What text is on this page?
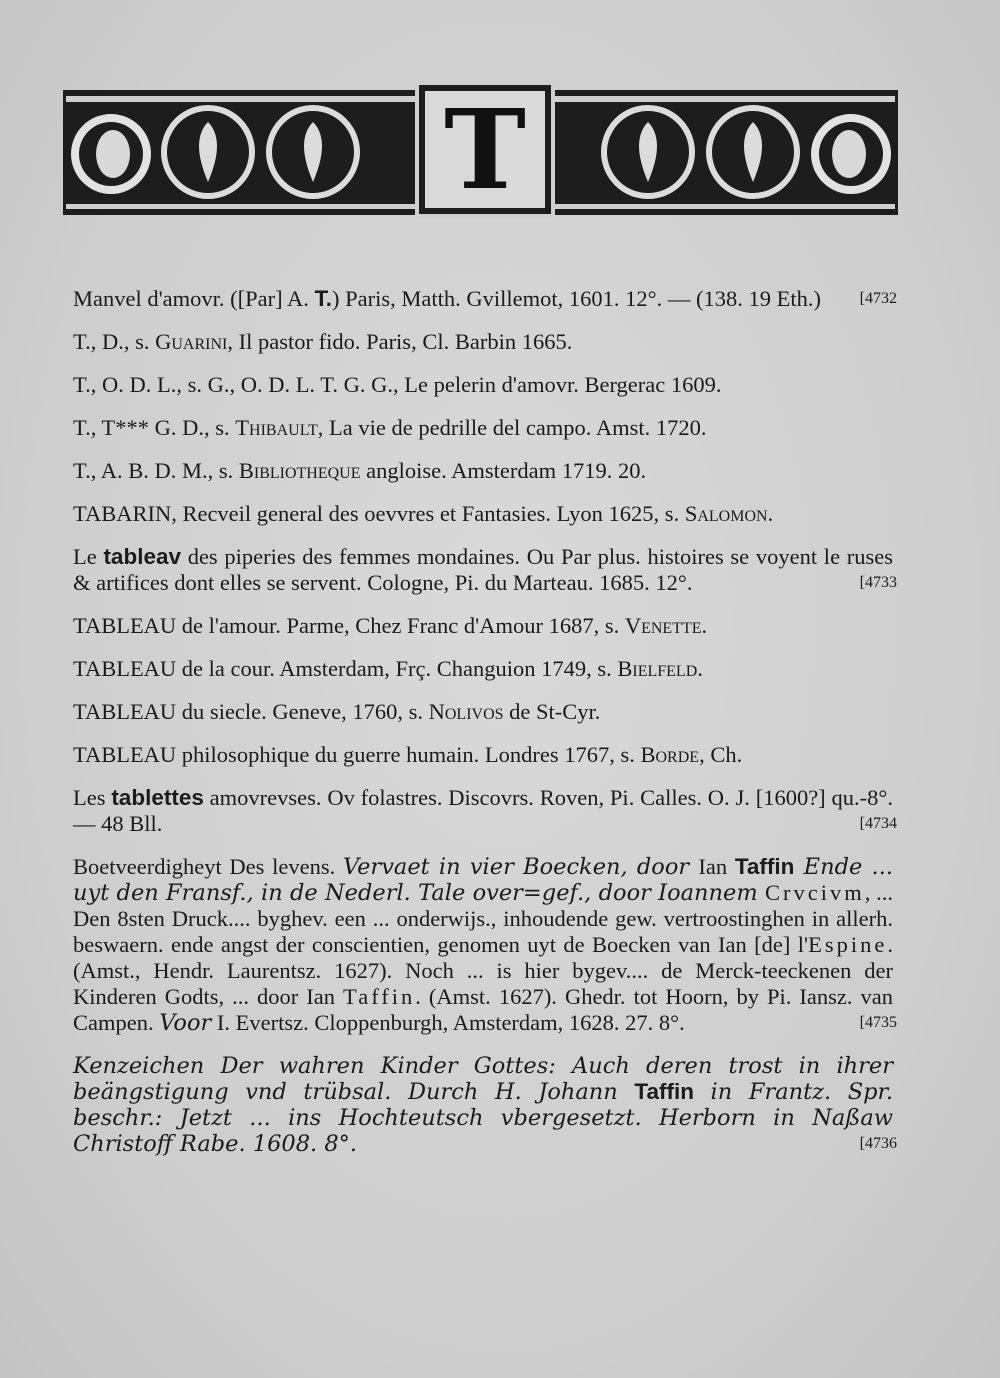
T
Manvel d'amovr. ([Par] A. T.) Paris, Matth. Gvillemot, 1601. 12°. — (138. 19 Eth.) [4732
T., D., s. Guarini, Il pastor fido. Paris, Cl. Barbin 1665.
T., O. D. L., s. G., O. D. L. T. G. G., Le pelerin d'amovr. Bergerac 1609.
T., T*** G. D., s. Thibault, La vie de pedrille del campo. Amst. 1720.
T., A. B. D. M., s. Bibliotheque angloise. Amsterdam 1719. 20.
TABARIN, Recveil general des oevvres et Fantasies. Lyon 1625, s. Salomon.
Le tableav des piperies des femmes mondaines. Ou Par plus. histoires se voyent le ruses & artifices dont elles se servent. Cologne, Pi. du Marteau. 1685. 12°.	[4733
TABLEAU de l'amour. Parme, Chez Franc d'Amour 1687, s. Venette.
TABLEAU de la cour. Amsterdam, Frç. Changuion 1749, s. Bielfeld.
TABLEAU du siecle. Geneve, 1760, s. Nolivos de St-Cyr.
TABLEAU philosophique du guerre humain. Londres 1767, s. Borde, Ch.
Les tablettes amovrevses. Ov folastres. Discovrs. Roven, Pi. Calles. O. J. [1600?] qu.-8°. — 48 Bll.	[4734
Boetveerdigheyt Des levens. Vervaet in vier Boecken, door Ian Taffin Ende ... uyt den Fransf., in de Nederl. Tale over=gef., door Ioannem Crvcivm, ... Den 8sten Druck.... byghev. een ... onderwijs., inhoudende gew. vertroostinghen in allerh. beswaern. ende angst der conscientien, genomen uyt de Boecken van Ian [de] l'Espine. (Amst., Hendr. Laurentsz. 1627). Noch ... is hier bygev.... de Merck-teeckenen der Kinderen Godts, ... door Ian Taffin. (Amst. 1627). Ghedr. tot Hoorn, by Pi. Iansz. van Campen. Voor I. Evertsz. Cloppenburgh, Amsterdam, 1628. 27. 8°.	[4735
Kenzeichen Der wahren Kinder Gottes: Auch deren trost in ihrer beängstigung vnd trübsal. Durch H. Johann Taffin in Frantz. Spr. beschr.: Jetzt ... ins Hochteutsch vbergesetzt. Herborn in Naßaw Christoff Rabe. 1608. 8°.	[4736
